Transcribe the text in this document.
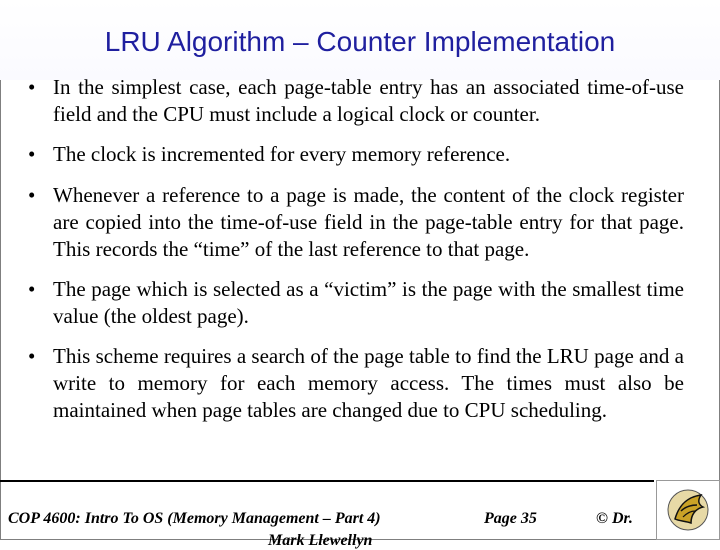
LRU Algorithm – Counter Implementation
• In the simplest case, each page-table entry has an associated time-of-use field and the CPU must include a logical clock or counter.
• The clock is incremented for every memory reference.
• Whenever a reference to a page is made, the content of the clock register are copied into the time-of-use field in the page-table entry for that page. This records the “time” of the last reference to that page.
• The page which is selected as a “victim” is the page with the smallest time value (the oldest page).
• This scheme requires a search of the page table to find the LRU page and a write to memory for each memory access. The times must also be maintained when page tables are changed due to CPU scheduling.
COP 4600: Intro To OS (Memory Management – Part 4)	Page 35	© Dr.
Mark Llewellyn
